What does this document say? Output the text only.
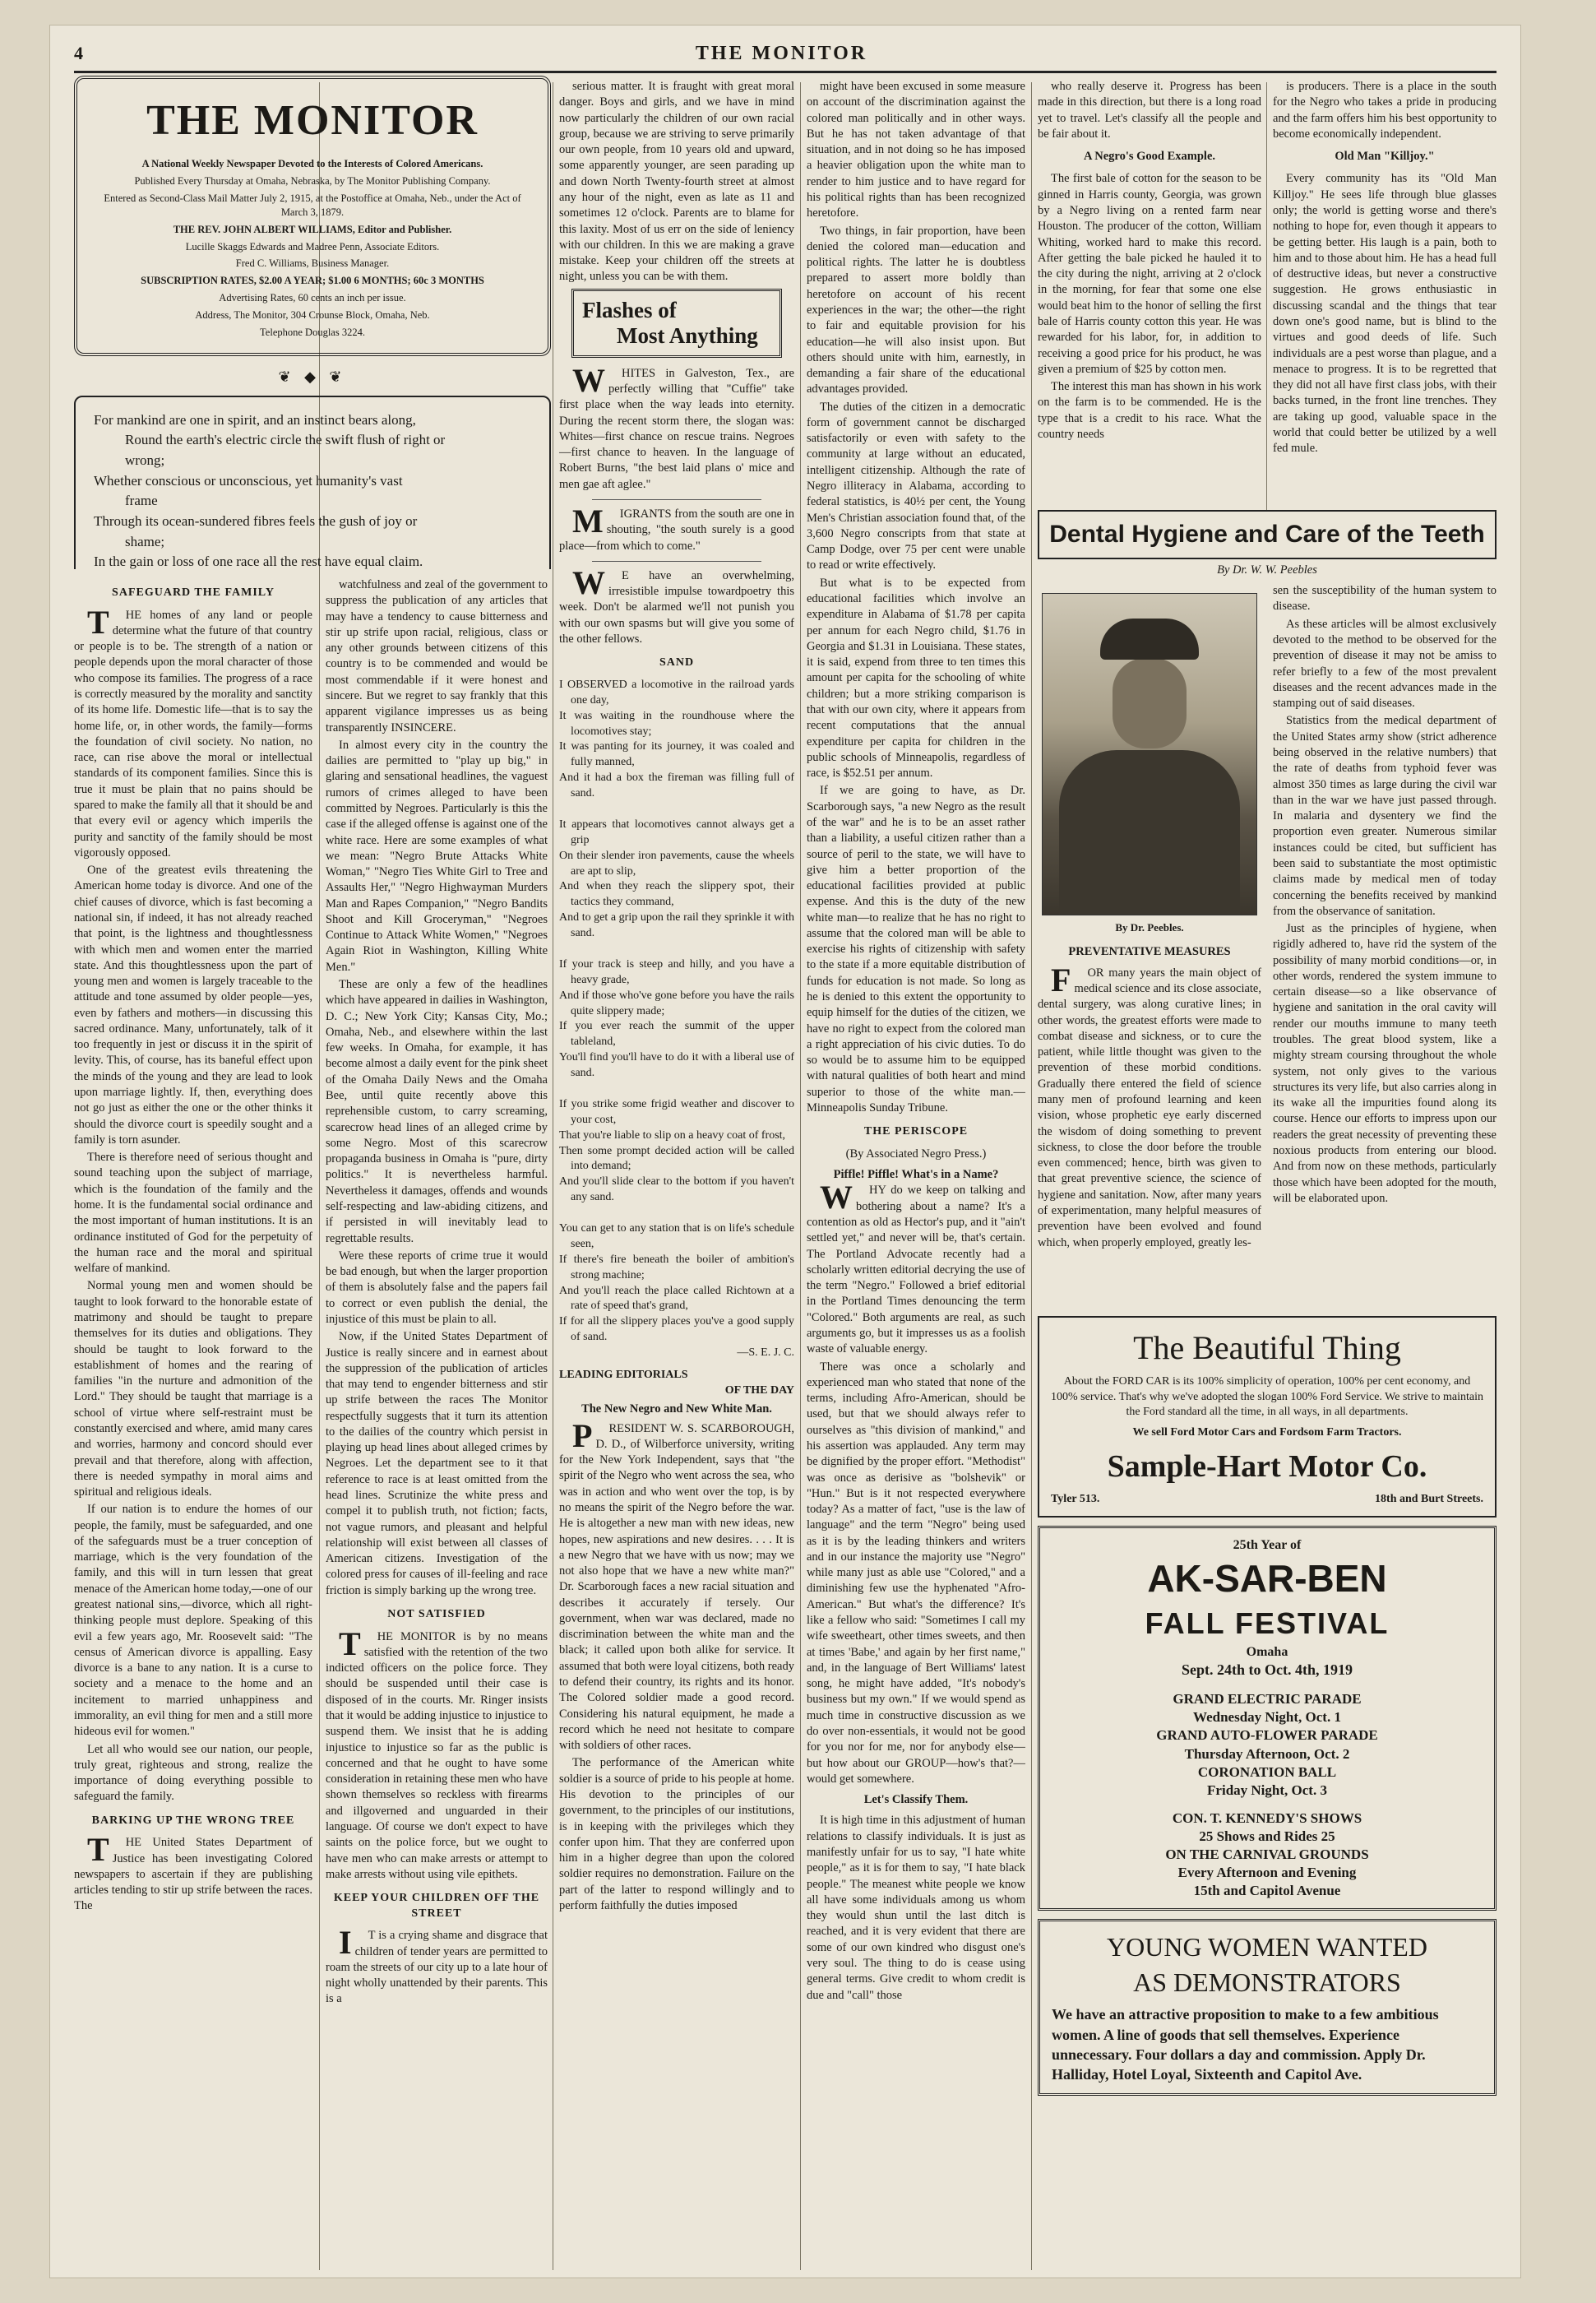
4	THE MONITOR
THE MONITOR
A National Weekly Newspaper Devoted to the Interests of Colored Americans.
Published Every Thursday at Omaha, Nebraska, by The Monitor Publishing Company.
Entered as Second-Class Mail Matter July 2, 1915, at the Postoffice at Omaha, Neb., under the Act of March 3, 1879.
THE REV. JOHN ALBERT WILLIAMS, Editor and Publisher.
Lucille Skaggs Edwards and Madree Penn, Associate Editors.
Fred C. Williams, Business Manager.
SUBSCRIPTION RATES, $2.00 A YEAR; $1.00 6 MONTHS; 60c 3 MONTHS
Advertising Rates, 60 cents an inch per issue.
Address, The Monitor, 304 Crounse Block, Omaha, Neb.
Telephone Douglas 3224.
❦ ◆ ❦
For mankind are one in spirit, and an instinct bears along,
Round the earth's electric circle the swift flush of right or
wrong;
Whether conscious or unconscious, yet humanity's vast
frame
Through its ocean-sundered fibres feels the gush of joy or
shame;
In the gain or loss of one race all the rest have equal claim.
SAFEGUARD THE FAMILY

THE homes of any land or people determine what the future of that country or people is to be. The strength of a nation or people depends upon the moral character of those who compose its families. The progress of a race is correctly measured by the morality and sanctity of its home life. Domestic life—that is to say the home life, or, in other words, the family—forms the foundation of civil society. No nation, no race, can rise above the moral or intellectual standards of its component families. Since this is true it must be plain that no pains should be spared to make the family all that it should be and that every evil or agency which imperils the purity and sanctity of the family should be most vigorously opposed.

One of the greatest evils threatening the American home today is divorce. And one of the chief causes of divorce, which is fast becoming a national sin, if indeed, it has not already reached that point, is the lightness and thoughtlessness with which men and women enter the married state. And this thoughtlessness upon the part of young men and women is largely traceable to the attitude and tone assumed by older people—yes, even by fathers and mothers—in discussing this sacred ordinance. Many, unfortunately, talk of it too frequently in jest or discuss it in the spirit of levity. This, of course, has its baneful effect upon the minds of the young and they are lead to look upon marriage lightly. If, then, everything does not go just as either the one or the other thinks it should the divorce court is speedily sought and a family is torn asunder.

There is therefore need of serious thought and sound teaching upon the subject of marriage, which is the foundation of the family and the home. It is the fundamental social ordinance and the most important of human institutions. It is an ordinance instituted of God for the perpetuity of the human race and the moral and spiritual welfare of mankind.

Normal young men and women should be taught to look forward to the honorable estate of matrimony and should be taught to prepare themselves for its duties and obligations. They should be taught to look forward to the establishment of homes and the rearing of families "in the nurture and admonition of the Lord." They should be taught that marriage is a school of virtue where self-restraint must be constantly exercised and where, amid many cares and worries, harmony and concord should ever prevail and that therefore, along with affection, there is needed sympathy in moral aims and spiritual and religious ideals.

If our nation is to endure the homes of our people, the family, must be safeguarded, and one of the safeguards must be a truer conception of marriage, which is the very foundation of the family, and this will in turn lessen that great menace of the American home today,—one of our greatest national sins,—divorce, which all right-thinking people must deplore. Speaking of this evil a few years ago, Mr. Roosevelt said: "The census of American divorce is appalling. Easy divorce is a bane to any nation. It is a curse to society and a menace to the home and an incitement to married unhappiness and immorality, an evil thing for men and a still more hideous evil for women."

Let all who would see our nation, our people, truly great, righteous and strong, realize the importance of doing everything possible to safeguard the family.

BARKING UP THE WRONG TREE

THE United States Department of Justice has been investigating Colored newspapers to ascertain if they are publishing articles tending to stir up strife between the races. The

watchfulness and zeal of the government to suppress the publication of any articles that may have a tendency to cause bitterness and stir up strife upon racial, religious, class or any other grounds between citizens of this country is to be commended and would be most commendable if it were honest and sincere. But we regret to say frankly that this apparent vigilance impresses us as being transparently INSINCERE.

In almost every city in the country the dailies are permitted to "play up big," in glaring and sensational headlines, the vaguest rumors of crimes alleged to have been committed by Negroes. Particularly is this the case if the alleged offense is against one of the white race. Here are some examples of what we mean: "Negro Brute Attacks White Woman," "Negro Ties White Girl to Tree and Assaults Her," "Negro Highwayman Murders Man and Rapes Companion," "Negro Bandits Shoot and Kill Groceryman," "Negroes Continue to Attack White Women," "Negroes Again Riot in Washington, Killing White Men."

These are only a few of the headlines which have appeared in dailies in Washington, D. C.; New York City; Kansas City, Mo.; Omaha, Neb., and elsewhere within the last few weeks. In Omaha, for example, it has become almost a daily event for the pink sheet of the Omaha Daily News and the Omaha Bee, until quite recently above this reprehensible custom, to carry screaming, scarecrow head lines of an alleged crime by some Negro. Most of this scarecrow propaganda business in Omaha is "pure, dirty politics." It is nevertheless harmful. Nevertheless it damages, offends and wounds self-respecting and law-abiding citizens, and if persisted in will inevitably lead to regrettable results.

Were these reports of crime true it would be bad enough, but when the larger proportion of them is absolutely false and the papers fail to correct or even publish the denial, the injustice of this must be plain to all.

Now, if the United States Department of Justice is really sincere and in earnest about the suppression of the publication of articles that may tend to engender bitterness and stir up strife between the races The Monitor respectfully suggests that it turn its attention to the dailies of the country which persist in playing up head lines about alleged crimes by Negroes. Let the department see to it that reference to race is at least omitted from the head lines. Scrutinize the white press and compel it to publish truth, not fiction; facts, not vague rumors, and pleasant and helpful relationship will exist between all classes of American citizens. Investigation of the colored press for causes of ill-feeling and race friction is simply barking up the wrong tree.

NOT SATISFIED

THE MONITOR is by no means satisfied with the retention of the two indicted officers on the police force. They should be suspended until their case is disposed of in the courts. Mr. Ringer insists that it would be adding injustice to injustice to suspend them. We insist that he is adding injustice to injustice so far as the public is concerned and that he ought to have some consideration in retaining these men who have shown themselves so reckless with firearms and illgoverned and unguarded in their language. Of course we don't expect to have saints on the police force, but we ought to have men who can make arrests or attempt to make arrests without using vile epithets.

KEEP YOUR CHILDREN OFF THE STREET

IT is a crying shame and disgrace that children of tender years are permitted to roam the streets of our city up to a late hour of night wholly unattended by their parents. This is a

serious matter. It is fraught with great moral danger. Boys and girls, and we have in mind now particularly the children of our own racial group, because we are striving to serve primarily our own people, from 10 years old and upward, some apparently younger, are seen parading up and down North Twenty-fourth street at almost any hour of the night, even as late as 11 and sometimes 12 o'clock. Parents are to blame for this laxity. Most of us err on the side of leniency with our children. In this we are making a grave mistake. Keep your children off the streets at night, unless you can be with them.

Flashes of
Most Anything

WHITES in Galveston, Tex., are perfectly willing that "Cuffie" take first place when the way leads into eternity. During the recent storm there, the slogan was: Whites—first chance on rescue trains. Negroes—first chance to heaven. In the language of Robert Burns, "the best laid plans o' mice and men gae aft aglee."

MIGRANTS from the south are one in shouting, "the south surely is a good place—from which to come."

WE have an overwhelming, irresistible impulse towardpoetry this week. Don't be alarmed we'll not punish you with our own spasms but will give you some of the other fellows.

SAND
I OBSERVED a locomotive in the railroad yards one day,
It was waiting in the roundhouse where the locomotives stay;
It was panting for its journey, it was coaled and fully manned,
And it had a box the fireman was filling full of sand.

It appears that locomotives cannot always get a grip
On their slender iron pavements, cause the wheels are apt to slip,
And when they reach the slippery spot, their tactics they command,
And to get a grip upon the rail they sprinkle it with sand.

If your track is steep and hilly, and you have a heavy grade,
And if those who've gone before you have the rails quite slippery made;
If you ever reach the summit of the upper tableland,
You'll find you'll have to do it with a liberal use of sand.

If you strike some frigid weather and discover to your cost,
That you're liable to slip on a heavy coat of frost,
Then some prompt decided action will be called into demand;
And you'll slide clear to the bottom if you haven't any sand.

You can get to any station that is on life's schedule seen,
If there's fire beneath the boiler of ambition's strong machine;
And you'll reach the place called Richtown at a rate of speed that's grand,
If for all the slippery places you've a good supply of sand.
—S. E. J. C.
LEADING EDITORIALS
OF THE DAY
The New Negro and New White Man.

PRESIDENT W. S. SCARBOROUGH, D. D., of Wilberforce university, writing for the New York Independent, says that "the spirit of the Negro who went across the sea, who was in action and who went over the top, is by no means the spirit of the Negro before the war. He is altogether a new man with new ideas, new hopes, new aspirations and new desires. . . . It is a new Negro that we have with us now; may we not also hope that we have a new white man?" Dr. Scarborough faces a new racial situation and describes it accurately if tersely. Our government, when war was declared, made no discrimination between the white man and the black; it called upon both alike for service. It assumed that both were loyal citizens, both ready to defend their country, its rights and its honor. The Colored soldier made a good record. Considering his natural equipment, he made a record which he need not hesitate to compare with soldiers of other races.

The performance of the American white soldier is a source of pride to his people at home. His devotion to the principles of our government, to the principles of our institutions, is in keeping with the privileges which they confer upon him. That they are conferred upon him in a higher degree than upon the colored soldier requires no demonstration. Failure on the part of the latter to respond willingly and to perform faithfully the duties imposed

might have been excused in some measure on account of the discrimination against the colored man politically and in other ways. But he has not taken advantage of that situation, and in not doing so he has imposed a heavier obligation upon the white man to render to him justice and to have regard for his political rights than has been recognized heretofore.

Two things, in fair proportion, have been denied the colored man—education and political rights. The latter he is doubtless prepared to assert more boldly than heretofore on account of his recent experiences in the war; the other—the right to fair and equitable provision for his education—he will also insist upon. But others should unite with him, earnestly, in demanding a fair share of the educational advantages provided.

The duties of the citizen in a democratic form of government cannot be discharged satisfactorily or even with safety to the community at large without an educated, intelligent citizenship. Although the rate of Negro illiteracy in Alabama, according to federal statistics, is 40½ per cent, the Young Men's Christian association found that, of the 3,600 Negro conscripts from that state at Camp Dodge, over 75 per cent were unable to read or write effectively.

But what is to be expected from educational facilities which involve an expenditure in Alabama of $1.78 per capita per annum for each Negro child, $1.76 in Georgia and $1.31 in Louisiana. These states, it is said, expend from three to ten times this amount per capita for the schooling of white children; but a more striking comparison is that with our own city, where it appears from recent computations that the annual expenditure per capita for children in the public schools of Minneapolis, regardless of race, is $52.51 per annum.

If we are going to have, as Dr. Scarborough says, "a new Negro as the result of the war" and he is to be an asset rather than a liability, a useful citizen rather than a source of peril to the state, we will have to give him a better proportion of the educational facilities provided at public expense. And this is the duty of the new white man—to realize that he has no right to assume that the colored man will be able to exercise his rights of citizenship with safety to the state if a more equitable distribution of funds for education is not made. So long as he is denied to this extent the opportunity to equip himself for the duties of the citizen, we have no right to expect from the colored man a right appreciation of his civic duties. To do so would be to assume him to be equipped with natural qualities of both heart and mind superior to those of the white man.—Minneapolis Sunday Tribune.

THE PERISCOPE
(By Associated Negro Press.)
Piffle! Piffle! What's in a Name?

WHY do we keep on talking and bothering about a name? It's a contention as old as Hector's pup, and it "ain't settled yet," and never will be, that's certain. The Portland Advocate recently had a scholarly written editorial decrying the use of the term "Negro." Followed a brief editorial in the Portland Times denouncing the term "Colored." Both arguments are real, as such arguments go, but it impresses us as a foolish waste of valuable energy.

There was once a scholarly and experienced man who stated that none of the terms, including Afro-American, should be used, but that we should always refer to ourselves as "this division of mankind," and his assertion was applauded. Any term may be dignified by the proper effort. "Methodist" was once as derisive as "bolshevik" or "Hun." But is it not respected everywhere today? As a matter of fact, "use is the law of language" and the term "Negro" being used as it is by the leading thinkers and writers and in our instance the majority use "Negro" while many just as able use "Colored," and a diminishing few use the hyphenated "Afro-American." But what's the difference? It's like a fellow who said: "Sometimes I call my wife sweetheart, other times sweets, and then at times 'Babe,' and again by her first name," and, in the language of Bert Williams' latest song, he might have added, "It's nobody's business but my own." If we would spend as much time in constructive discussion as we do over non-essentials, it would not be good for you nor for me, nor for anybody else—but how about our GROUP—how's that?—would get somewhere.

Let's Classify Them.

It is high time in this adjustment of human relations to classify individuals. It is just as manifestly unfair for us to say, "I hate white people," as it is for them to say, "I hate black people." The meanest white people we know all have some individuals among us whom they would shun until the last ditch is reached, and it is very evident that there are some of our own kindred who disgust one's very soul. The thing to do is cease using general terms. Give credit to whom credit is due and "call" those

who really deserve it. Progress has been made in this direction, but there is a long road yet to travel. Let's classify all the people and be fair about it.

A Negro's Good Example.

The first bale of cotton for the season to be ginned in Harris county, Georgia, was grown by a Negro living on a rented farm near Houston. The producer of the cotton, William Whiting, worked hard to make this record. After getting the bale picked he hauled it to the city during the night, arriving at 2 o'clock in the morning, for fear that some one else would beat him to the honor of selling the first bale of Harris county cotton this year. He was rewarded for his labor, for, in addition to receiving a good price for his product, he was given a premium of $25 by cotton men.

The interest this man has shown in his work on the farm is to be commended. He is the type that is a credit to his race. What the country needs

is producers. There is a place in the south for the Negro who takes a pride in producing and the farm offers him his best opportunity to become economically independent.

Old Man "Killjoy."

Every community has its "Old Man Killjoy." He sees life through blue glasses only; the world is getting worse and there's nothing to hope for, even though it appears to be getting better. His laugh is a pain, both to him and to those about him. He has a head full of destructive ideas, but never a constructive suggestion. He grows enthusiastic in discussing scandal and the things that tear down one's good name, but is blind to the virtues and good deeds of life. Such individuals are a pest worse than plague, and a menace to progress. It is to be regretted that they did not all have first class jobs, with their backs turned, in the front line trenches. They are taking up good, valuable space in the world that could better be utilized by a well fed mule.

Dental Hygiene and Care of the Teeth
By Dr. W. W. Peebles
By Dr. Peebles.
PREVENTATIVE MEASURES

FOR many years the main object of medical science and its close associate, dental surgery, was along curative lines; in other words, the greatest efforts were made to combat disease and sickness, or to cure the patient, while little thought was given to the prevention of these morbid conditions. Gradually there entered the field of science many men of profound learning and keen vision, whose prophetic eye early discerned the wisdom of doing something to prevent sickness, to close the door before the trouble even commenced; hence, birth was given to that great preventive science, the science of hygiene and sanitation. Now, after many years of experimentation, many helpful measures of prevention have been evolved and found which, when properly employed, greatly les-

sen the susceptibility of the human system to disease.

As these articles will be almost exclusively devoted to the method to be observed for the prevention of disease it may not be amiss to refer briefly to a few of the most prevalent diseases and the recent advances made in the stamping out of said diseases.

Statistics from the medical department of the United States army show (strict adherence being observed in the relative numbers) that the rate of deaths from typhoid fever was almost 350 times as large during the civil war than in the war we have just passed through. In malaria and dysentery we find the proportion even greater. Numerous similar instances could be cited, but sufficient has been said to substantiate the most optimistic claims made by medical men of today concerning the benefits received by mankind from the observance of sanitation.

Just as the principles of hygiene, when rigidly adhered to, have rid the system of the possibility of many morbid conditions—or, in other words, rendered the system immune to certain disease—so a like observance of hygiene and sanitation in the oral cavity will render our mouths immune to many teeth troubles. The great blood system, like a mighty stream coursing throughout the whole system, not only gives to the various structures its very life, but also carries along in its wake all the impurities found along its course. Hence our efforts to impress upon our readers the great necessity of preventing these noxious products from entering our blood. And from now on these methods, particularly those which have been adopted for the mouth, will be elaborated upon.

The Beautiful Thing
About the FORD CAR is its 100% simplicity of operation, 100% per cent economy, and 100% service. That's why we've adopted the slogan 100% Ford Service. We strive to maintain the Ford standard all the time, in all ways, in all departments.
We sell Ford Motor Cars and Fordsom Farm Tractors.
Sample-Hart Motor Co.
Tyler 513.	18th and Burt Streets.
25th Year of
AK-SAR-BEN
FALL FESTIVAL
Omaha
Sept. 24th to Oct. 4th, 1919
GRAND ELECTRIC PARADE
Wednesday Night, Oct. 1
GRAND AUTO-FLOWER PARADE
Thursday Afternoon, Oct. 2
CORONATION BALL
Friday Night, Oct. 3
CON. T. KENNEDY'S SHOWS
25 Shows and Rides 25
ON THE CARNIVAL GROUNDS
Every Afternoon and Evening
15th and Capitol Avenue
YOUNG WOMEN WANTED
AS DEMONSTRATORS
We have an attractive proposition to make to a few ambitious women. A line of goods that sell themselves. Experience unnecessary. Four dollars a day and commission. Apply Dr. Halliday, Hotel Loyal, Sixteenth and Capitol Ave.
